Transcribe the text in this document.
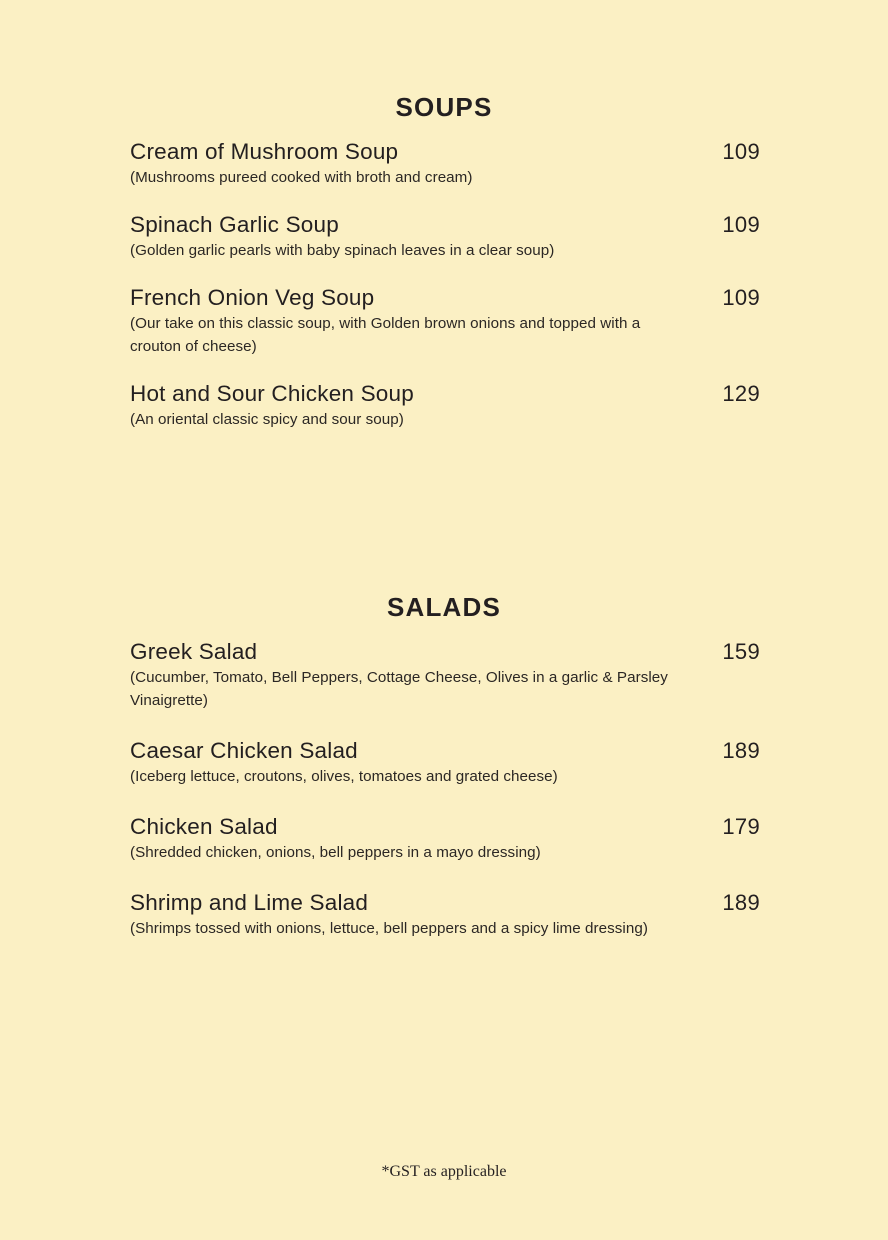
SOUPS
Cream of Mushroom Soup	109
(Mushrooms pureed cooked with broth and cream)
Spinach Garlic Soup	109
(Golden garlic pearls with baby spinach leaves in a clear soup)
French Onion Veg Soup	109
(Our take on this classic soup, with Golden brown onions and topped with a crouton of cheese)
Hot and Sour Chicken Soup	129
(An oriental classic spicy and sour soup)
SALADS
Greek Salad	159
(Cucumber, Tomato, Bell Peppers, Cottage Cheese, Olives in a garlic & Parsley Vinaigrette)
Caesar Chicken Salad	189
(Iceberg lettuce, croutons, olives, tomatoes and grated cheese)
Chicken Salad	179
(Shredded chicken, onions, bell peppers in a mayo dressing)
Shrimp and Lime Salad	189
(Shrimps tossed with onions, lettuce, bell peppers and a spicy lime dressing)
*GST as applicable
